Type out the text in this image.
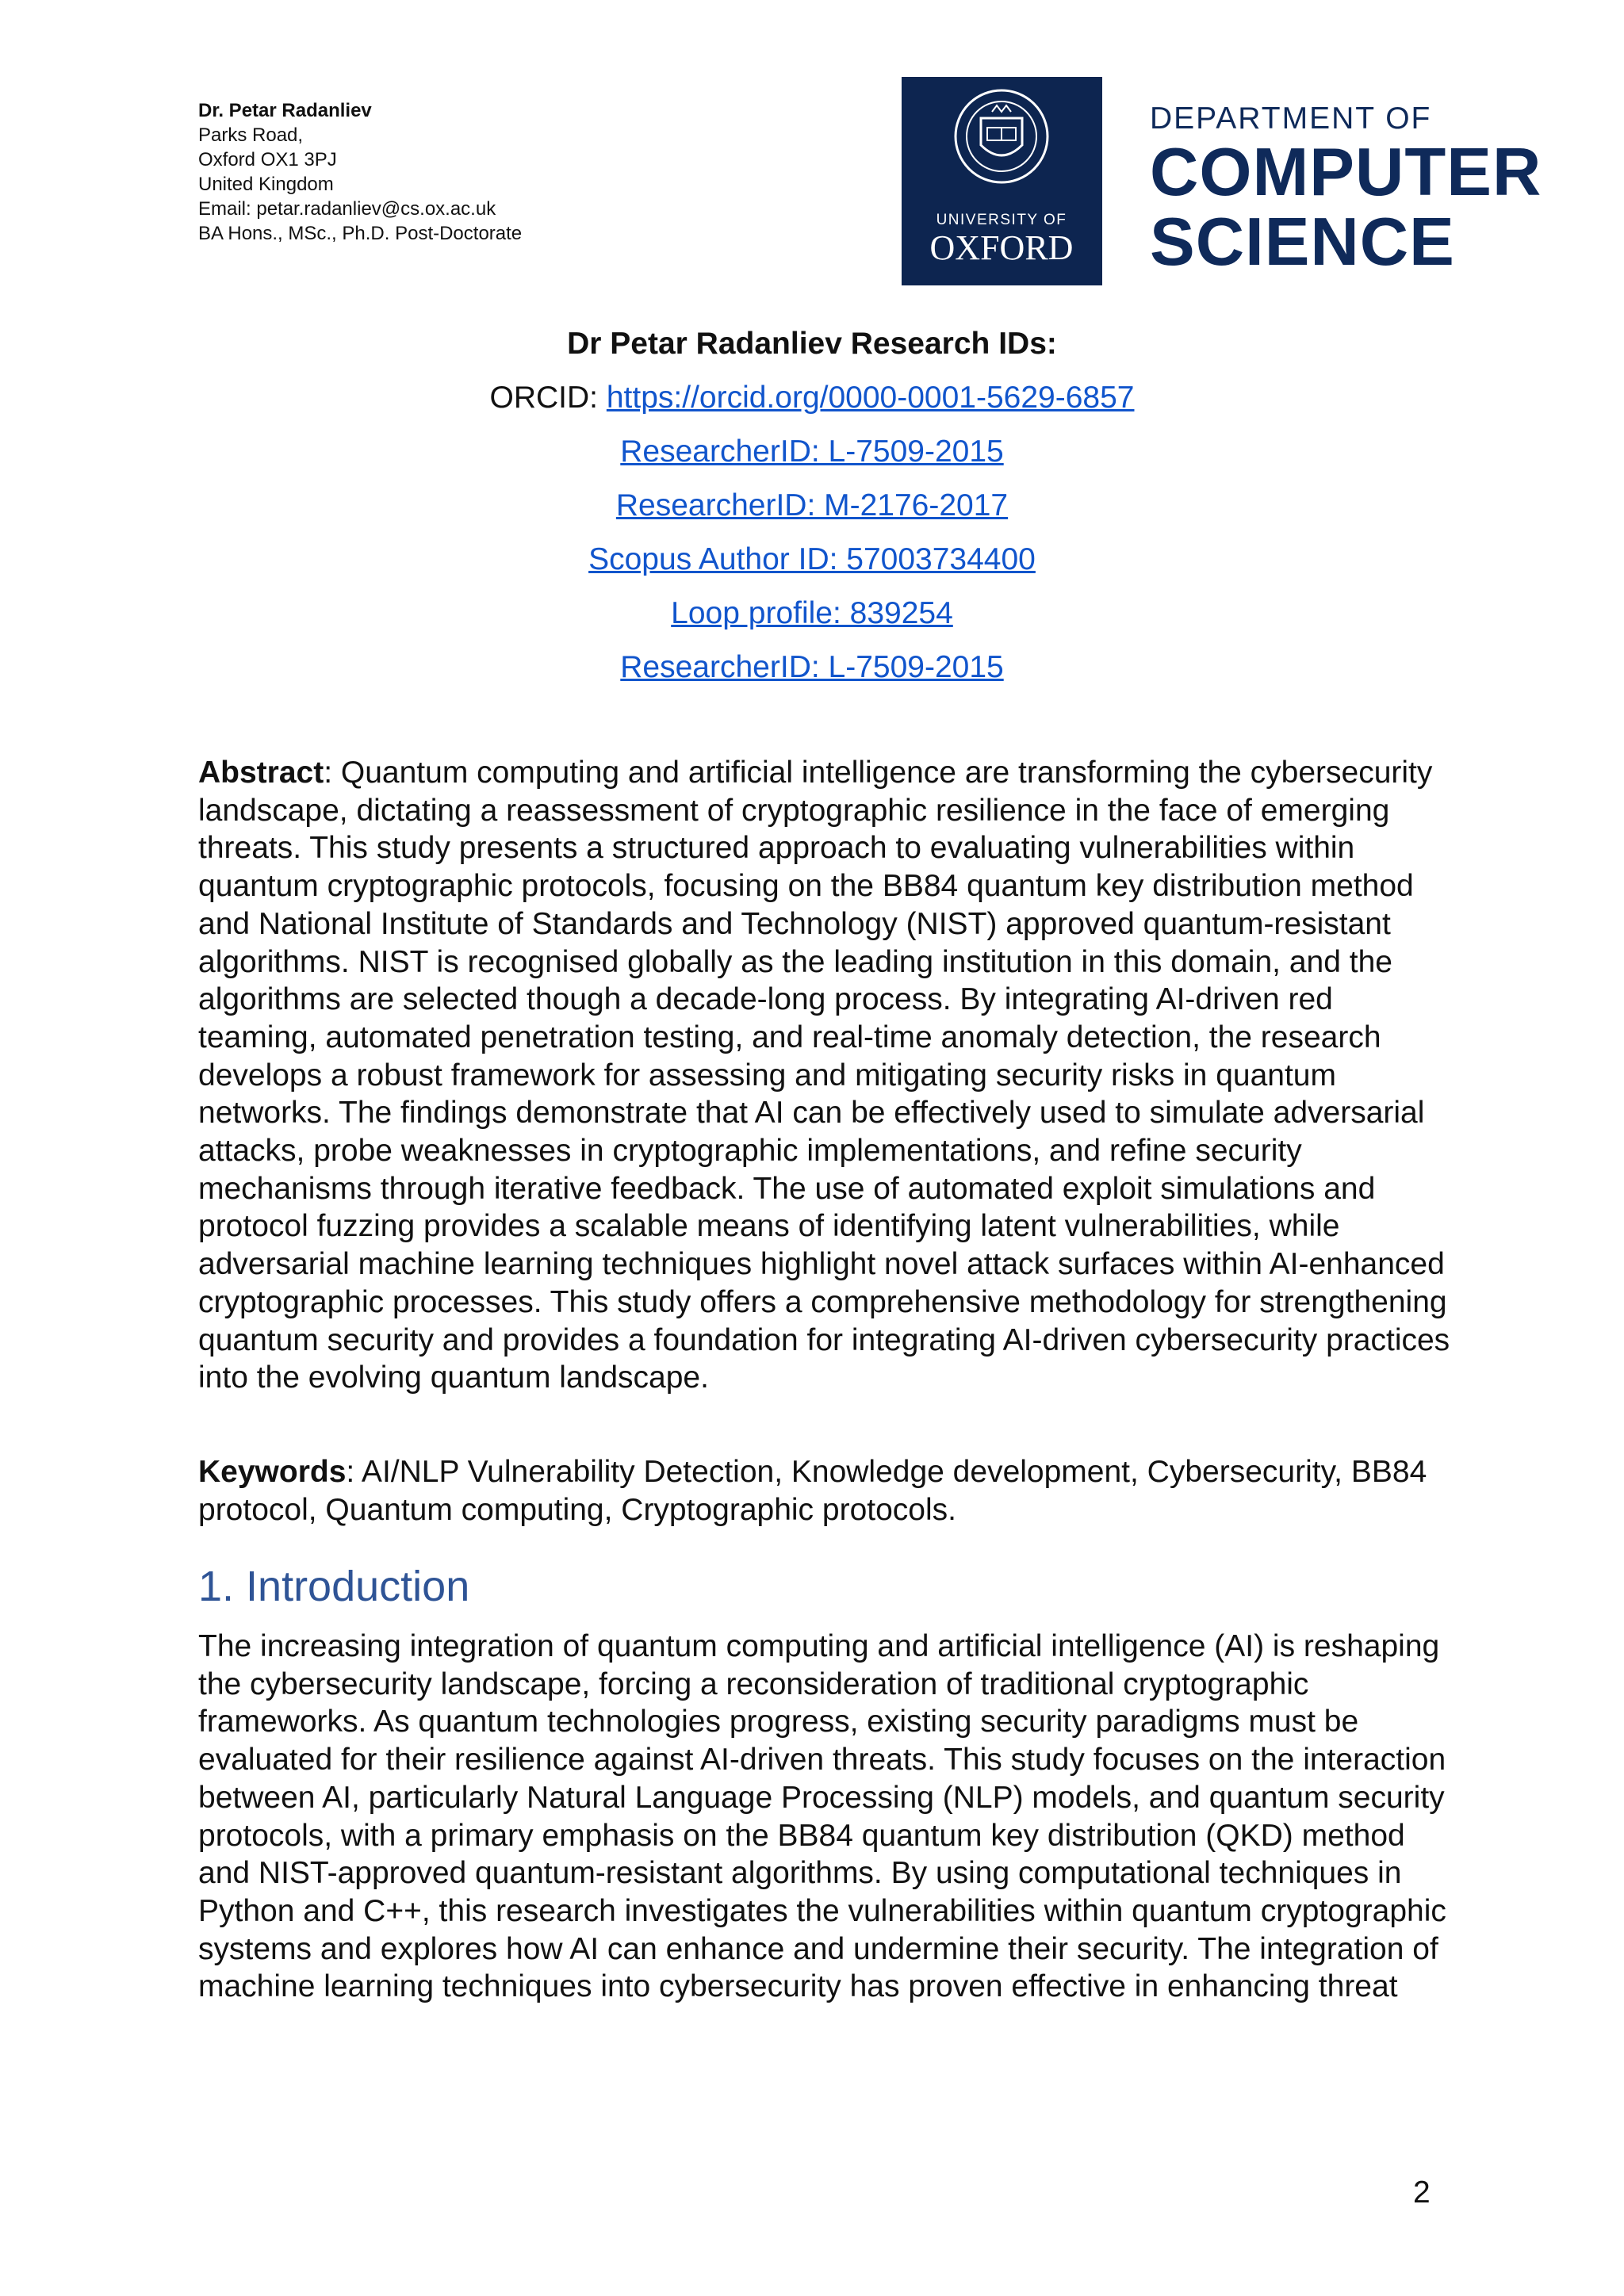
Dr. Petar Radanliev
Parks Road,
Oxford OX1 3PJ
United Kingdom
Email: petar.radanliev@cs.ox.ac.uk
BA Hons., MSc., Ph.D. Post-Doctorate
UNIVERSITY OF
OXFORD
DEPARTMENT OF
COMPUTER
SCIENCE
Dr Petar Radanliev Research IDs:
ORCID: https://orcid.org/0000-0001-5629-6857
ResearcherID: L-7509-2015
ResearcherID: M-2176-2017
Scopus Author ID: 57003734400
Loop profile: 839254
ResearcherID: L-7509-2015

Abstract: Quantum computing and artificial intelligence are transforming the cybersecurity landscape, dictating a reassessment of cryptographic resilience in the face of emerging threats. This study presents a structured approach to evaluating vulnerabilities within quantum cryptographic protocols, focusing on the BB84 quantum key distribution method and National Institute of Standards and Technology (NIST) approved quantum-resistant algorithms. NIST is recognised globally as the leading institution in this domain, and the algorithms are selected though a decade-long process. By integrating AI-driven red teaming, automated penetration testing, and real-time anomaly detection, the research develops a robust framework for assessing and mitigating security risks in quantum networks. The findings demonstrate that AI can be effectively used to simulate adversarial attacks, probe weaknesses in cryptographic implementations, and refine security mechanisms through iterative feedback. The use of automated exploit simulations and protocol fuzzing provides a scalable means of identifying latent vulnerabilities, while adversarial machine learning techniques highlight novel attack surfaces within AI-enhanced cryptographic processes. This study offers a comprehensive methodology for strengthening quantum security and provides a foundation for integrating AI-driven cybersecurity practices into the evolving quantum landscape.

Keywords: AI/NLP Vulnerability Detection, Knowledge development, Cybersecurity, BB84 protocol, Quantum computing, Cryptographic protocols.

1. Introduction

The increasing integration of quantum computing and artificial intelligence (AI) is reshaping the cybersecurity landscape, forcing a reconsideration of traditional cryptographic frameworks. As quantum technologies progress, existing security paradigms must be evaluated for their resilience against AI-driven threats. This study focuses on the interaction between AI, particularly Natural Language Processing (NLP) models, and quantum security protocols, with a primary emphasis on the BB84 quantum key distribution (QKD) method and NIST-approved quantum-resistant algorithms. By using computational techniques in Python and C++, this research investigates the vulnerabilities within quantum cryptographic systems and explores how AI can enhance and undermine their security. The integration of machine learning techniques into cybersecurity has proven effective in enhancing threat

2
